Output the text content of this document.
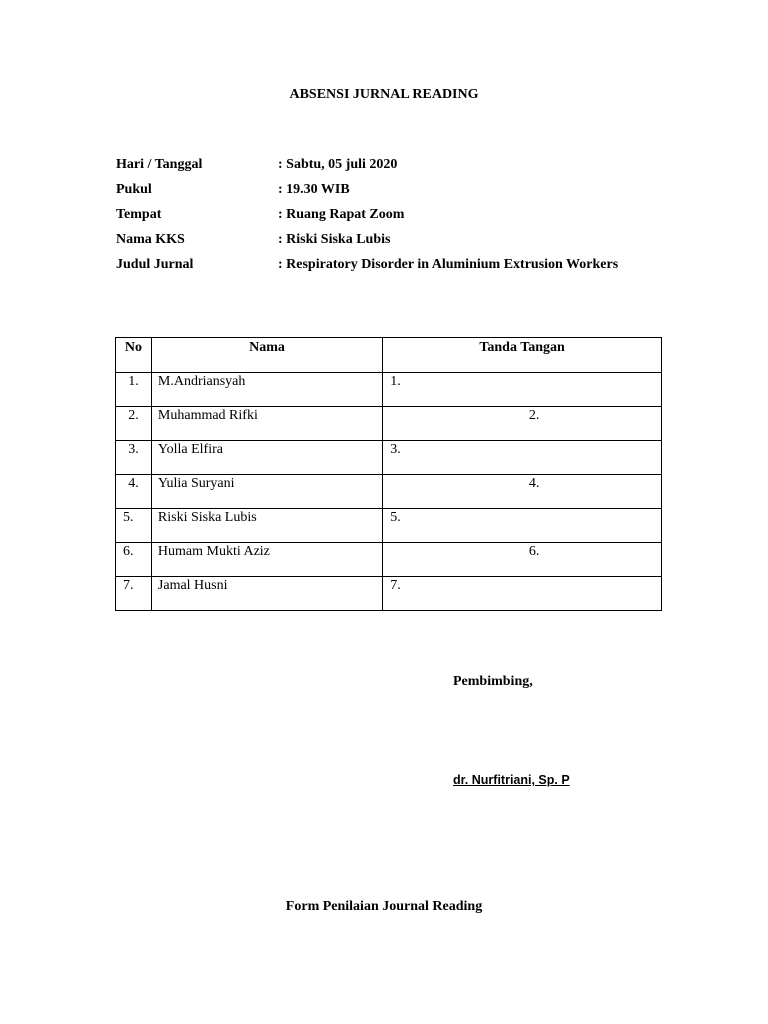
ABSENSI JURNAL READING
Hari / Tanggal	: Sabtu, 05 juli 2020
Pukul	: 19.30 WIB
Tempat	: Ruang Rapat Zoom
Nama KKS	: Riski Siska Lubis
Judul Jurnal	: Respiratory Disorder in Aluminium Extrusion Workers
No	Nama	Tanda Tangan
1.	M.Andriansyah	1.
2.	Muhammad Rifki	2.
3.	Yolla Elfira	3.
4.	Yulia Suryani	4.
5.	Riski Siska Lubis	5.
6.	Humam Mukti Aziz	6.
7.	Jamal Husni	7.
Pembimbing,
dr. Nurfitriani, Sp. P
Form Penilaian Journal Reading
